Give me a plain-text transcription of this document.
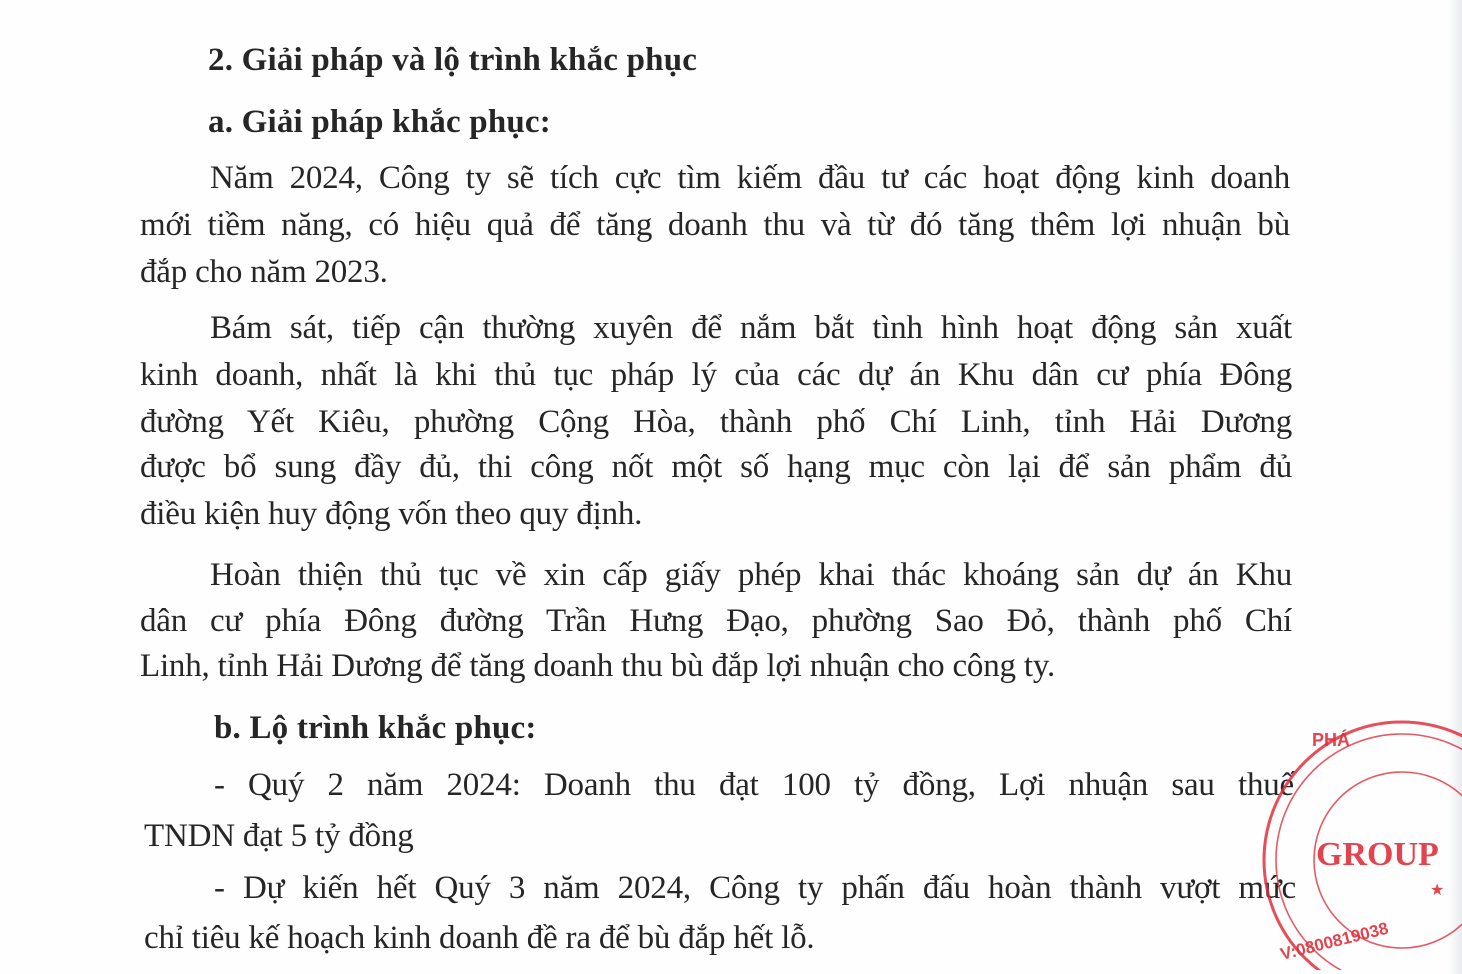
2. Giải pháp và lộ trình khắc phục
a. Giải pháp khắc phục:
Năm 2024, Công ty sẽ tích cực tìm kiếm đầu tư các hoạt động kinh doanh
mới tiềm năng, có hiệu quả để tăng doanh thu và từ đó tăng thêm lợi nhuận bù
đắp cho năm 2023.
Bám sát, tiếp cận thường xuyên để nắm bắt tình hình hoạt động sản xuất
kinh doanh, nhất là khi thủ tục pháp lý của các dự án Khu dân cư phía Đông
đường Yết Kiêu, phường Cộng Hòa, thành phố Chí Linh, tỉnh Hải Dương
được bổ sung đầy đủ, thi công nốt một số hạng mục còn lại để sản phẩm đủ
điều kiện huy động vốn theo quy định.
Hoàn thiện thủ tục về xin cấp giấy phép khai thác khoáng sản dự án Khu
dân cư phía Đông đường Trần Hưng Đạo, phường Sao Đỏ, thành phố Chí
Linh, tỉnh Hải Dương để tăng doanh thu bù đắp lợi nhuận cho công ty.
b. Lộ trình khắc phục:
- Quý 2 năm 2024: Doanh thu đạt 100 tỷ đồng, Lợi nhuận sau thuế
TNDN đạt 5 tỷ đồng
- Dự kiến hết Quý 3 năm 2024, Công ty phấn đấu hoàn thành vượt mức
chỉ tiêu kế hoạch kinh doanh đề ra để bù đắp hết lỗ.
PHÁ
GROUP
★
V:0800819038
